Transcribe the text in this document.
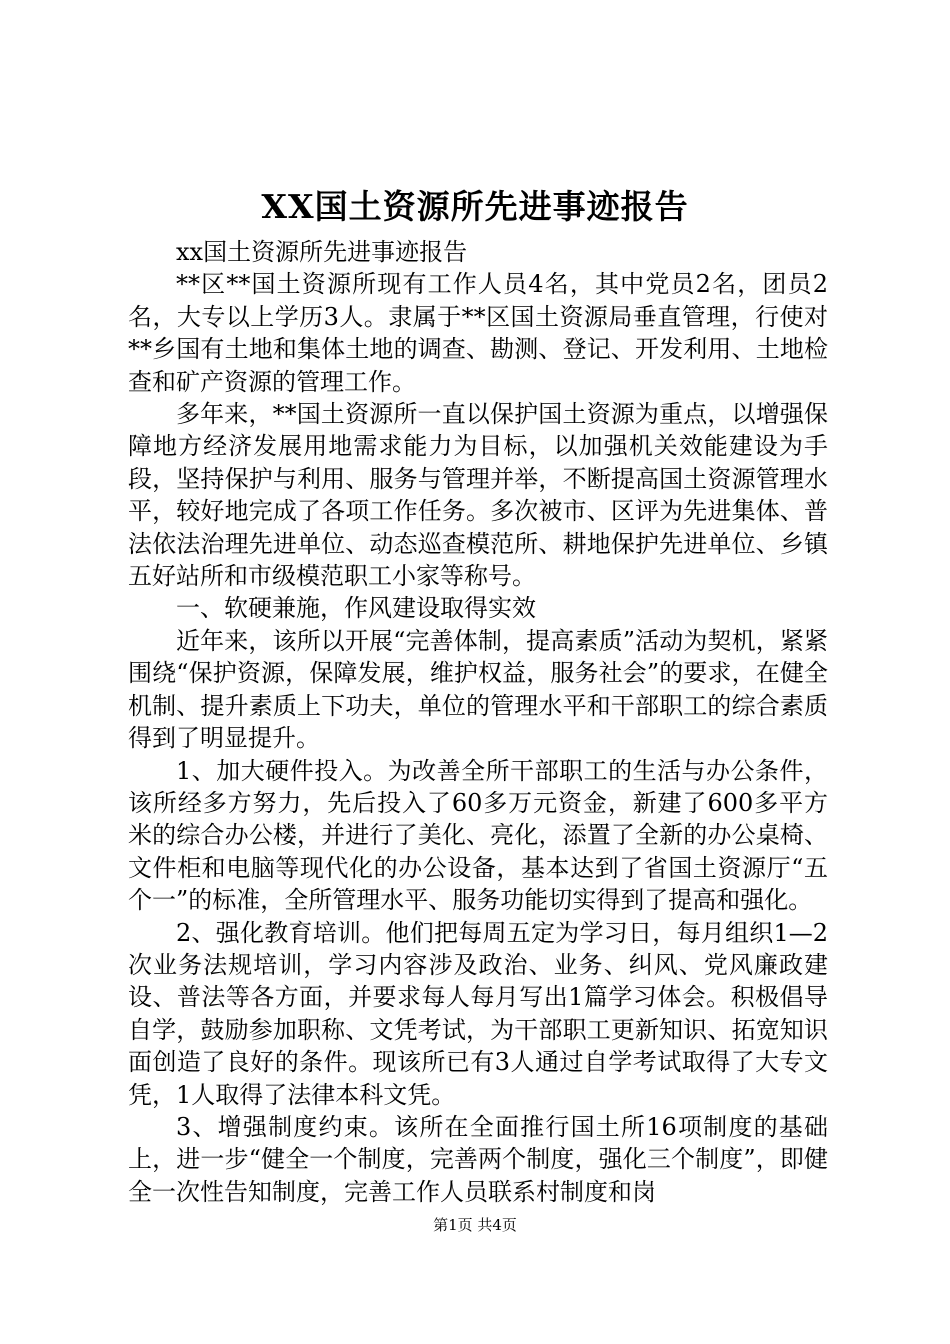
XX国土资源所先进事迹报告

xx国土资源所先进事迹报告

**区**国土资源所现有工作人员4名，其中党员2名，团员2名，大专以上学历3人。隶属于**区国土资源局垂直管理，行使对**乡国有土地和集体土地的调查、勘测、登记、开发利用、土地检查和矿产资源的管理工作。

多年来，**国土资源所一直以保护国土资源为重点，以增强保障地方经济发展用地需求能力为目标，以加强机关效能建设为手段，坚持保护与利用、服务与管理并举，不断提高国土资源管理水平，较好地完成了各项工作任务。多次被市、区评为先进集体、普法依法治理先进单位、动态巡查模范所、耕地保护先进单位、乡镇五好站所和市级模范职工小家等称号。

一、软硬兼施，作风建设取得实效

近年来，该所以开展“完善体制，提高素质”活动为契机，紧紧围绕“保护资源，保障发展，维护权益，服务社会”的要求，在健全机制、提升素质上下功夫，单位的管理水平和干部职工的综合素质得到了明显提升。

1、加大硬件投入。为改善全所干部职工的生活与办公条件，该所经多方努力，先后投入了60多万元资金，新建了600多平方米的综合办公楼，并进行了美化、亮化，添置了全新的办公桌椅、文件柜和电脑等现代化的办公设备，基本达到了省国土资源厅“五个一”的标准，全所管理水平、服务功能切实得到了提高和强化。

2、强化教育培训。他们把每周五定为学习日，每月组织1—2次业务法规培训，学习内容涉及政治、业务、纠风、党风廉政建设、普法等各方面，并要求每人每月写出1篇学习体会。积极倡导自学，鼓励参加职称、文凭考试，为干部职工更新知识、拓宽知识面创造了良好的条件。现该所已有3人通过自学考试取得了大专文凭，1人取得了法律本科文凭。

3、增强制度约束。该所在全面推行国土所16项制度的基础上，进一步“健全一个制度，完善两个制度，强化三个制度”，即健全一次性告知制度，完善工作人员联系村制度和岗

第1页 共4页
